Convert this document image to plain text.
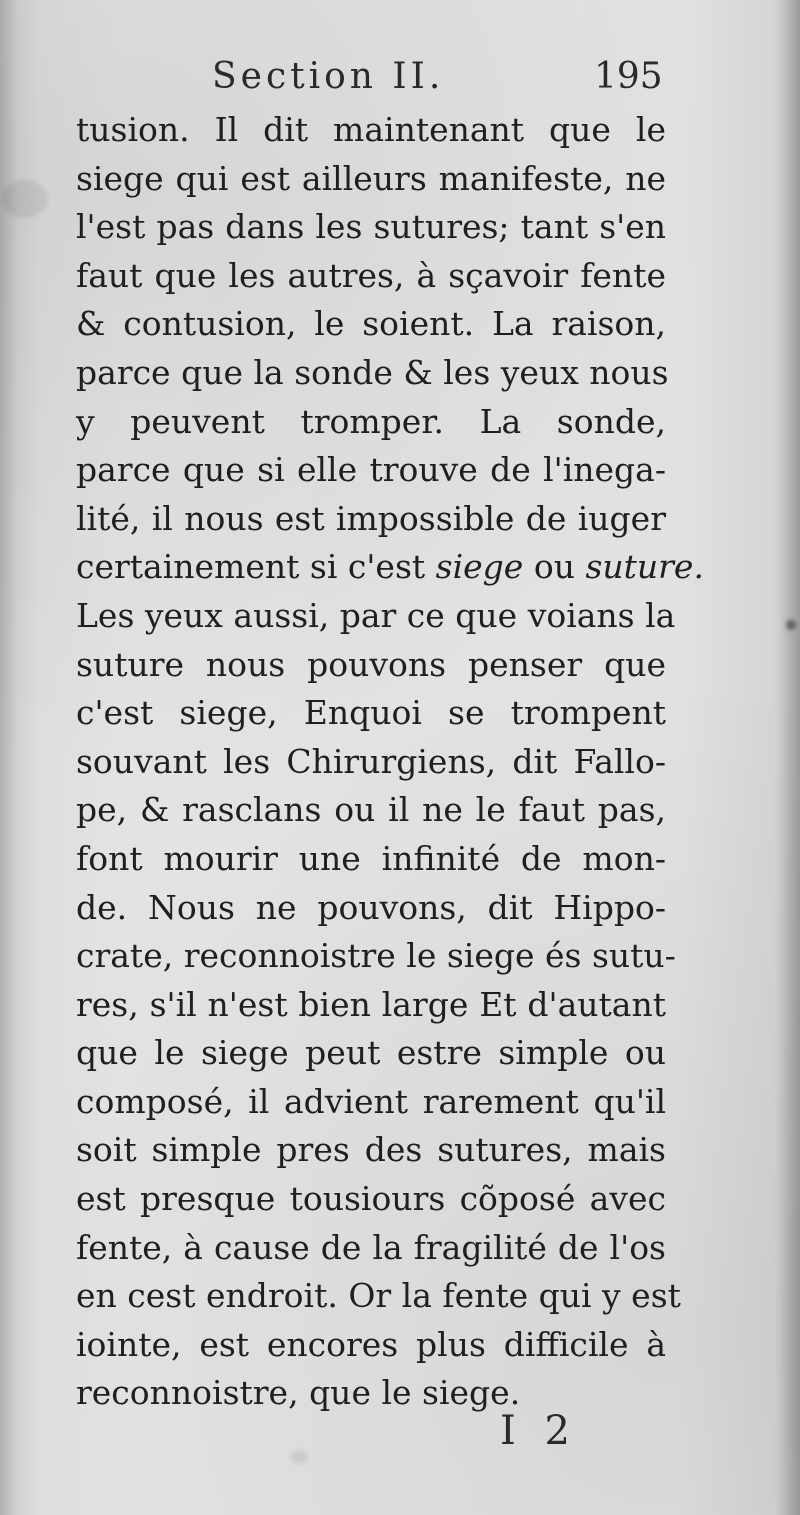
Section II.	195
tusion. Il dit maintenant que le
siege qui est ailleurs manifeste, ne
l'est pas dans les sutures; tant s'en
faut que les autres, à sçavoir fente
& contusion, le soient. La raison,
parce que la sonde & les yeux nous
y peuvent tromper. La sonde,
parce que si elle trouve de l'inega-
lité, il nous est impossible de iuger
certainement si c'est siege ou suture.
Les yeux aussi, par ce que voians la
suture nous pouvons penser que
c'est siege, Enquoi se trompent
souvant les Chirurgiens, dit Fallo-
pe, & rasclans ou il ne le faut pas,
font mourir une infinité de mon-
de. Nous ne pouvons, dit Hippo-
crate, reconnoistre le siege és sutu-
res, s'il n'est bien large Et d'autant
que le siege peut estre simple ou
composé, il advient rarement qu'il
soit simple pres des sutures, mais
est presque tousiours cõposé avec
fente, à cause de la fragilité de l'os
en cest endroit. Or la fente qui y est
iointe, est encores plus difficile à
reconnoistre, que le siege.
I 2
